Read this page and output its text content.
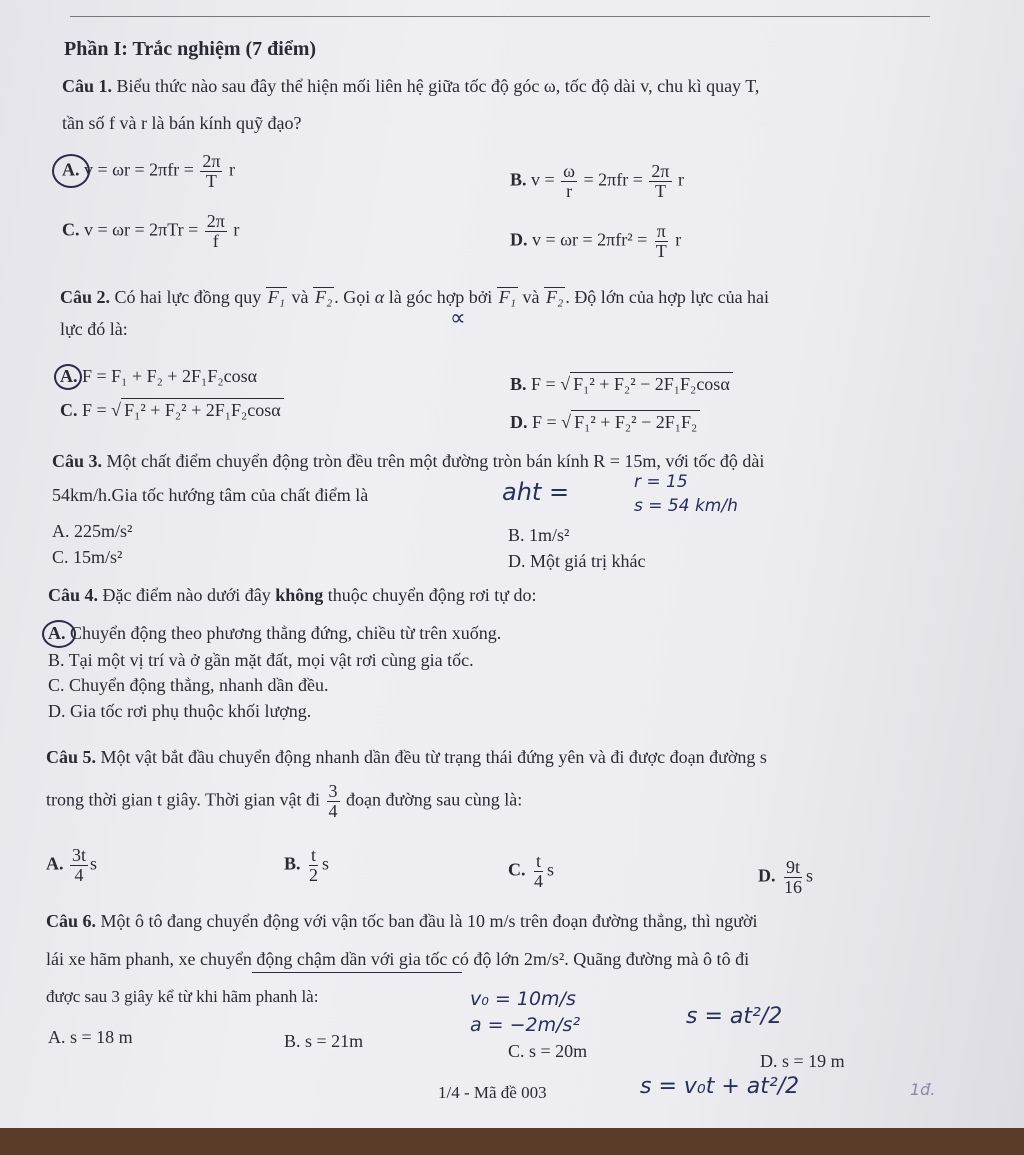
Phần I: Trắc nghiệm (7 điểm)
Câu 1. Biểu thức nào sau đây thể hiện mối liên hệ giữa tốc độ góc ω, tốc độ dài v, chu kì quay T,
tần số f và r là bán kính quỹ đạo?
A. $v = \omega r = 2\pi fr = \frac{2\pi}{T}$ r	B. $v = \frac{\omega}{r} = 2\pi fr = \frac{2\pi}{T}$ r
C. $v = \omega r = 2\pi Tr = \frac{2\pi}{f}$ r	D. $v = \omega r = 2\pi fr^2 = \frac{\pi}{T}$ r
Câu 2. Có hai lực đồng quy F₁ và F₂ . Gọi α là góc hợp bởi F₁ và F₂ . Độ lớn của hợp lực của hai
lực đó là:	∝
A. F = F₁ + F₂ + 2F₁F₂cosα	B. F = √ F₁² + F₂² − 2F₁F₂cosα
C. F = √ F₁² + F₂² + 2F₁F₂cosα
D. F = √ F₁² + F₂² − 2F₁F₂
Câu 3. Một chất điểm chuyển động tròn đều trên một đường tròn bán kính R = 15m, với tốc độ dài
54km/h.Gia tốc hướng tâm của chất điểm là	aht =	r = 15
s = 54 km/h
A. 225m/s²	B. 1m/s²
C. 15m/s²	D. Một giá trị khác
Câu 4. Đặc điểm nào dưới đây không thuộc chuyển động rơi tự do:
A. Chuyển động theo phương thẳng đứng, chiều từ trên xuống.
B. Tại một vị trí và ở gần mặt đất, mọi vật rơi cùng gia tốc.
C. Chuyển động thẳng, nhanh dần đều.
D. Gia tốc rơi phụ thuộc khối lượng.
Câu 5. Một vật bắt đầu chuyển động nhanh dần đều từ trạng thái đứng yên và đi được đoạn đường s
trong thời gian t giây. Thời gian vật đi $\frac{3}{4}$ đoạn đường sau cùng là:
A. $\frac{3t}{4}$ s	B. $\frac{t}{2}$ s	C. $\frac{t}{4}$ s	D. $\frac{9t}{16}$ s
Câu 6. Một ô tô đang chuyển động với vận tốc ban đầu là 10 m/s trên đoạn đường thẳng, thì người
lái xe hãm phanh, xe chuyển động chậm dần với gia tốc có độ lớn 2m/s². Quãng đường mà ô tô đi
được sau 3 giây kể từ khi hãm phanh là:
A. s = 18 m	B. s = 21m	C. s = 20m	D. s = 19 m
v₀ = 10m/s
a = −2m/s²	s = at²/2
s = v₀t + at²/2	1đ.
1/4 - Mã đề 003
